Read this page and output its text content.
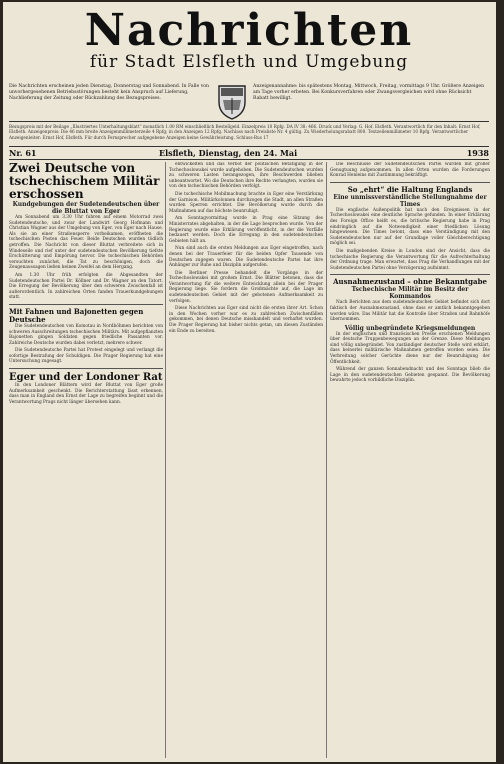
Nachrichten
für Stadt Elsfleth und Umgebung
Die Nachrichten erscheinen jeden Dienstag, Donnerstag und Sonnabend. In Falle von unvorhergesehenen Betriebsstörungen besteht kein Anspruch auf Lieferung, Nachlieferung der Zeitung oder Rückzahlung des Bezugspreises.
Anzeigenannahme: bis spätestens Montag, Mittwoch, Freitag, vormittags 9 Uhr. Größere Anzeigen am Tage vorher erbeten. Bei Konkursverfahren oder Zwangsvergleichen wird ohne Rücksicht Rabatt bewilligt.
Bezugspreis mit der Beilage „Illustriertes Unterhaltungsblatt“ monatlich 1.00 RM einschließlich Bestellgeld. Einzelpreis 10 Rpfg. DA IV 38: 466. Druck und Verlag: G. Hof, Elsfleth. Verantwortlich für den Inhalt: Ernst Hof, Elsfleth. Anzeigenpreis: Die 46 mm breite Anzeigenmillimeterzeile 4 Rpfg; in den Anzeigen 12 Rpfg. Nachlass nach Preisliste Nr. 4 gültig. Zu Wiederholungsrabatt 800. Textzeilenmillimeter 10 Rpfg. Verantwortlicher Anzeigenleiter: Ernst Hof, Elsfleth. Für durch Fernsprecher aufgegebene Anzeigen keine Gewährleistung. Schluss-Rus 17
Nr. 61	Elsfleth, Dienstag, den 24. Mai	1938
Zwei Deutsche von tschechischem Militär erschossen
Kundgebungen der Sudetendeutschen über die Bluttat von Eger

Am Sonnabend um 3.30 Uhr fuhren auf einem Motorrad zwei Sudetendeutsche, und zwar der Landwirt Georg Hofmann und Christian Wagner aus der Umgebung von Eger, von Eger nach Hause. Als sie an einer Straßensperre vorbeikamen, eröffneten die tschechischen Posten das Feuer. Beide Deutschen wurden tödlich getroffen. Die Nachricht von dieser Bluttat verbreitete sich in Windeseile und rief unter der sudetendeutschen Bevölkerung tiefste Erschütterung und Empörung hervor. Die tschechischen Behörden versuchten zunächst, die Tat zu beschönigen, doch die Zeugenaussagen ließen keinen Zweifel an dem Hergang.

Am 1.30 Uhr früh erfolgten die Abgesandten der Sudetendeutschen Partei Dr. Köllner und Dr. Wagner an den Tatort. Die Erregung der Bevölkerung über den schweren Zwischenfall ist außerordentlich. In zahlreichen Orten fanden Trauerkundgebungen statt.

Mit Fahnen und Bajonetten gegen Deutsche

Die Sudetendeutschen von Komotau in Nordböhmen berichten von schweren Ausschreitungen tschechischen Militärs. Mit aufgepflanzten Bajonetten gingen Soldaten gegen friedliche Passanten vor. Zahlreiche Deutsche wurden dabei verletzt, mehrere schwer.

Die Sudetendeutsche Partei hat Protest eingelegt und verlangt die sofortige Bestrafung der Schuldigen. Die Prager Regierung hat eine Untersuchung zugesagt.

Eger und der Londoner Rat

In den Londoner Blättern wird der Bluttat von Eger große Aufmerksamkeit geschenkt. Die Berichterstattung lässt erkennen, dass man in England den Ernst der Lage zu begreifen beginnt und die Verantwortung Prags nicht länger übersehen kann.

entwickelten und das Verbot der politischen Betätigung in der Tschechoslowakei wurde aufgehoben. Die Sudetendeutschen wurden zu schweren Lasten herangezogen, ihre Beschwerden blieben unbeantwortet. Wo die Deutschen ihre Rechte verlangten, wurden sie von den tschechischen Behörden verfolgt.

Die tschechische Mobilmachung brachte in Eger eine Verstärkung der Garnison. Militärkolonnen durchzogen die Stadt, an allen Straßen wurden Sperren errichtet. Die Bevölkerung wurde durch die Maßnahmen auf das höchste beunruhigt.

Am Sonntagvormittag wurde in Prag eine Sitzung des Ministerrates abgehalten, in der die Lage besprochen wurde. Von der Regierung wurde eine Erklärung veröffentlicht, in der die Vorfälle bedauert werden. Doch die Erregung in den sudetendeutschen Gebieten hält an.

Nun sind auch die ersten Meldungen aus Eger eingetroffen, nach denen bei der Trauerfeier für die beiden Opfer Tausende von Deutschen zugegen waren. Die Sudetendeutsche Partei hat ihre Anhänger zur Ruhe und Disziplin aufgerufen.

Die Berliner Presse behandelt die Vorgänge in der Tschechoslowakei mit großem Ernst. Die Blätter betonen, dass die Verantwortung für die weitere Entwicklung allein bei der Prager Regierung liege. Sie fordern die Großmächte auf, die Lage im sudetendeutschen Gebiet mit der gebotenen Aufmerksamkeit zu verfolgen.

Diese Nachrichten aus Eger sind nicht die ersten ihrer Art. Schon in den Wochen vorher war es zu zahlreichen Zwischenfällen gekommen, bei denen Deutsche misshandelt und verhaftet wurden. Die Prager Regierung hat bisher nichts getan, um diesen Zuständen ein Ende zu bereiten.

Die Beschlüsse der Sudetendeutschen Partei wurden mit großer Genugtuung aufgenommen. In allen Orten wurden die Forderungen Konrad Henleins mit Zustimmung bekräftigt.

So „ehrt“ die Haltung Englands
Eine unmissverständliche Stellungnahme der Times

Die englische Außenpolitik hat nach den Ereignissen in der Tschechoslowakei eine deutliche Sprache gefunden. In einer Erklärung des Foreign Office heißt es, die britische Regierung habe in Prag eindringlich auf die Notwendigkeit einer friedlichen Lösung hingewiesen. Die Times betont, dass eine Verständigung mit den Sudetendeutschen nur auf der Grundlage voller Gleichberechtigung möglich sei.

Die maßgebenden Kreise in London sind der Ansicht, dass die tschechische Regierung die Verantwortung für die Aufrechterhaltung der Ordnung trage. Man erwartet, dass Prag die Verhandlungen mit der Sudetendeutschen Partei ohne Verzögerung aufnimmt.

Ausnahmezustand – ohne Bekanntgabe
Tschechische Militär im Besitz der Kommandos

Nach Berichten aus dem sudetendeutschen Gebiet befindet sich dort faktisch der Ausnahmezustand, ohne dass er amtlich bekanntgegeben worden wäre. Das Militär hat die Kontrolle über Straßen und Bahnhöfe übernommen.

Völlig unbegründete Kriegsmeldungen

In der englischen und französischen Presse erschienen Meldungen über deutsche Truppenbewegungen an der Grenze. Diese Meldungen sind völlig unbegründet. Von zuständiger deutscher Stelle wird erklärt, dass keinerlei militärische Maßnahmen getroffen worden seien. Die Verbreitung solcher Gerüchte diene nur der Beunruhigung der Öffentlichkeit.

Während der ganzen Sonnabendnacht und des Sonntags blieb die Lage in den sudetendeutschen Gebieten gespannt. Die Bevölkerung bewahrte jedoch vorbildliche Disziplin.
